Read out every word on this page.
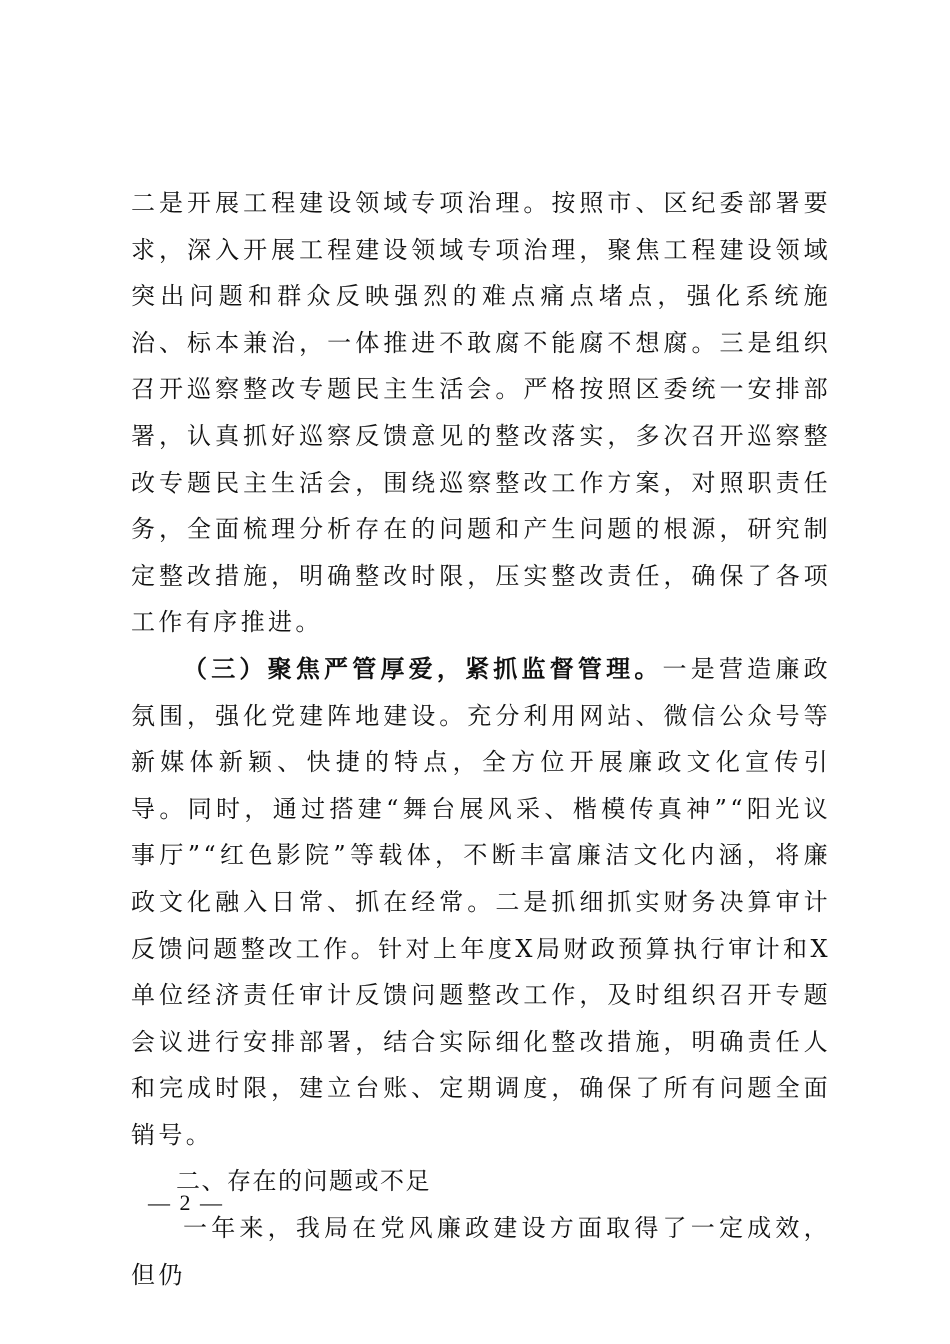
二是开展工程建设领域专项治理。按照市、区纪委部署要求，深入开展工程建设领域专项治理，聚焦工程建设领域突出问题和群众反映强烈的难点痛点堵点，强化系统施治、标本兼治，一体推进不敢腐不能腐不想腐。三是组织召开巡察整改专题民主生活会。严格按照区委统一安排部署，认真抓好巡察反馈意见的整改落实，多次召开巡察整改专题民主生活会，围绕巡察整改工作方案，对照职责任务，全面梳理分析存在的问题和产生问题的根源，研究制定整改措施，明确整改时限，压实整改责任，确保了各项工作有序推进。

（三）聚焦严管厚爱，紧抓监督管理。一是营造廉政氛围，强化党建阵地建设。充分利用网站、微信公众号等新媒体新颖、快捷的特点，全方位开展廉政文化宣传引导。同时，通过搭建“舞台展风采、楷模传真神”“阳光议事厅”“红色影院”等载体，不断丰富廉洁文化内涵，将廉政文化融入日常、抓在经常。二是抓细抓实财务决算审计反馈问题整改工作。针对上年度X局财政预算执行审计和X单位经济责任审计反馈问题整改工作，及时组织召开专题会议进行安排部署，结合实际细化整改措施，明确责任人和完成时限，建立台账、定期调度，确保了所有问题全面销号。

二、存在的问题或不足

一年来，我局在党风廉政建设方面取得了一定成效，但仍

— 2 —
